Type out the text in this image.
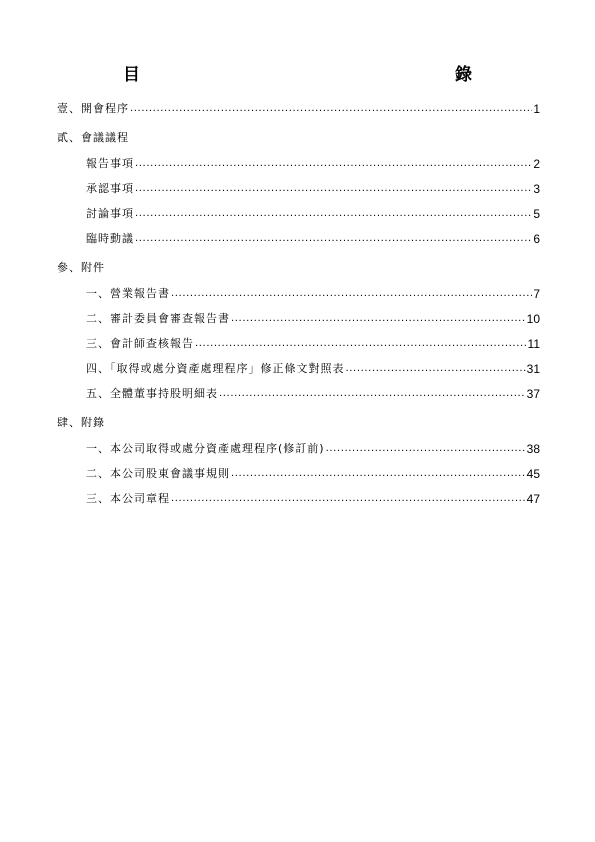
目　　　錄
壹、開會程序 .....	1
貳、會議議程
報告事項 .....	2
承認事項 .....	3
討論事項 .....	5
臨時動議 .....	6
參、附件
一、營業報告書 .....	7
二、審計委員會審查報告書 .....	10
三、會計師查核報告 .....	11
四、「取得或處分資產處理程序」修正條文對照表 .....	31
五、全體董事持股明細表 .....	37
肆、附錄
一、本公司取得或處分資產處理程序(修訂前) .....	38
二、本公司股東會議事規則 .....	45
三、本公司章程 .....	47
